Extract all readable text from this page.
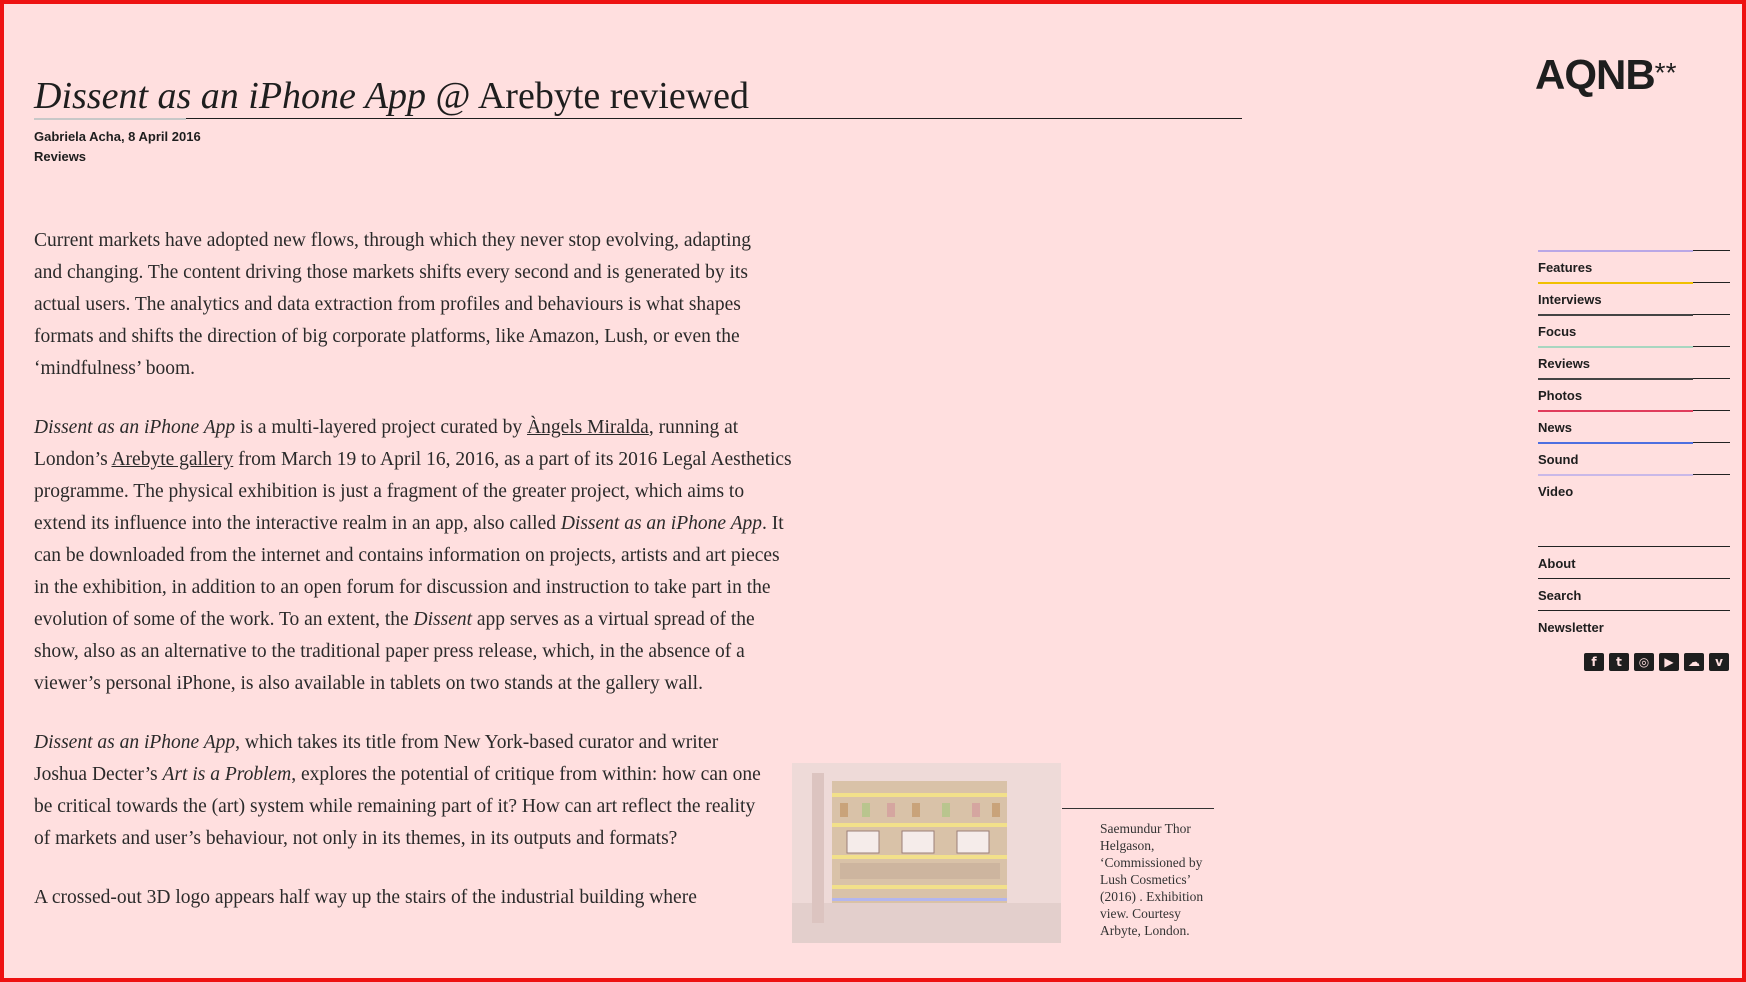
Dissent as an iPhone App @ Arebyte reviewed
Gabriela Acha, 8 April 2016
Reviews

Current markets have adopted new flows, through which they never stop evolving, adapting and changing. The content driving those markets shifts every second and is generated by its actual users. The analytics and data extraction from profiles and behaviours is what shapes formats and shifts the direction of big corporate platforms, like Amazon, Lush, or even the ‘mindfulness’ boom.

Dissent as an iPhone App is a multi-layered project curated by Àngels Miralda, running at London’s Arebyte gallery from March 19 to April 16, 2016, as a part of its 2016 Legal Aesthetics programme. The physical exhibition is just a fragment of the greater project, which aims to extend its influence into the interactive realm in an app, also called Dissent as an iPhone App. It can be downloaded from the internet and contains information on projects, artists and art pieces in the exhibition, in addition to an open forum for discussion and instruction to take part in the evolution of some of the work. To an extent, the Dissent app serves as a virtual spread of the show, also as an alternative to the traditional paper press release, which, in the absence of a viewer’s personal iPhone, is also available in tablets on two stands at the gallery wall.

Dissent as an iPhone App, which takes its title from New York-based curator and writer Joshua Decter’s Art is a Problem, explores the potential of critique from within: how can one be critical towards the (art) system while remaining part of it? How can art reflect the reality of markets and user’s behaviour, not only in its themes, in its outputs and formats?

A crossed-out 3D logo appears half way up the stairs of the industrial building where

Saemundur Thor Helgason, ‘Commissioned by Lush Cosmetics’ (2016) . Exhibition view. Courtesy Arbyte, London.
AQNB**
Features
Interviews
Focus
Reviews
Photos
News
Sound
Video
About
Search
Newsletter
f	t	◎	▶	☁	v
